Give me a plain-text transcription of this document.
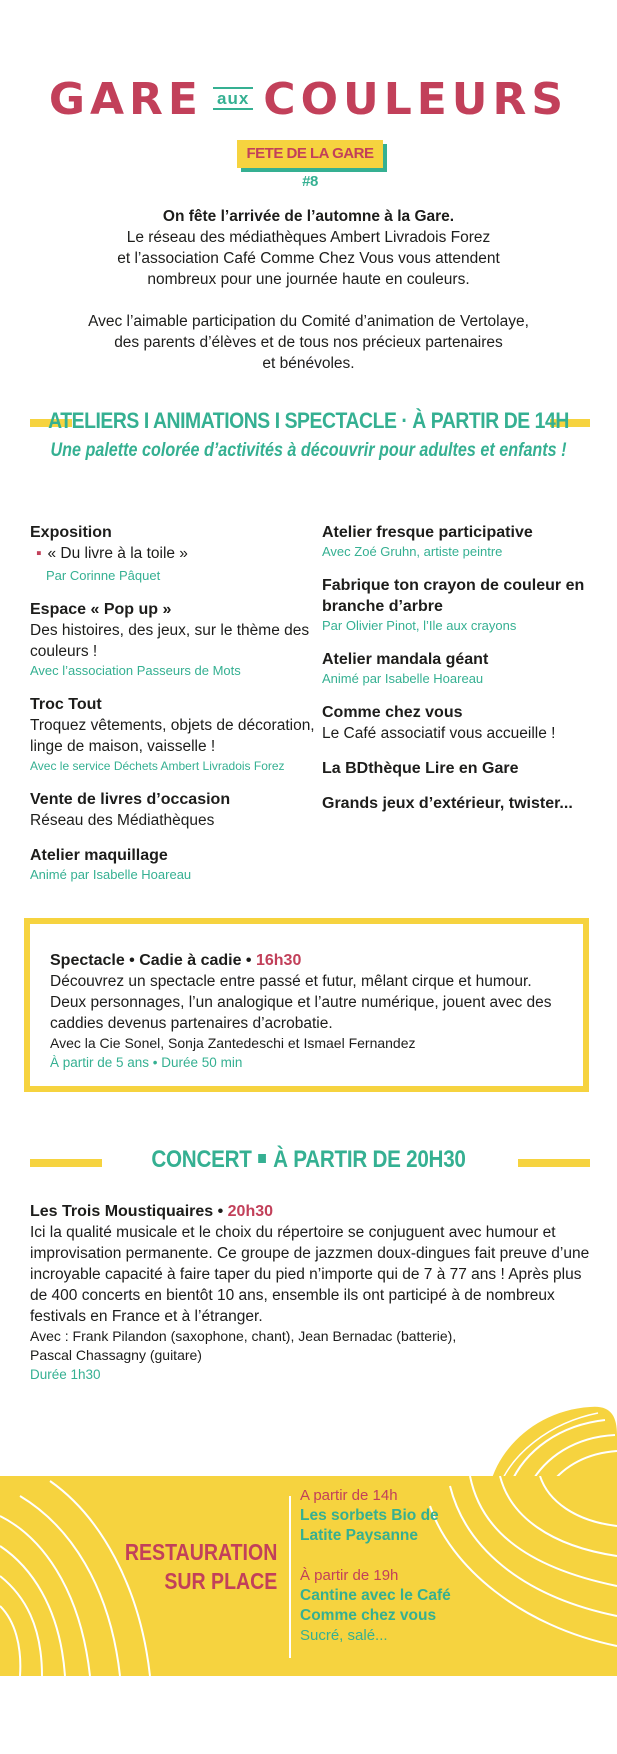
GARE aux COULEURS
FETE DE LA GARE #8

On fête l’arrivée de l’automne à la Gare.

Le réseau des médiathèques Ambert Livradois Forez
et l’association Café Comme Chez Vous vous attendent
nombreux pour une journée haute en couleurs.

Avec l’aimable participation du Comité d’animation de Vertolaye,
des parents d’élèves et de tous nos précieux partenaires
et bénévoles.

ATELIERS I ANIMATIONS I SPECTACLE · À PARTIR DE 14H
Une palette colorée d’activités à découvrir pour adultes et enfants !
Exposition
▪ « Du livre à la toile »
Par Corinne Pâquet
Espace « Pop up »
Des histoires, des jeux, sur le thème des couleurs !
Avec l’association Passeurs de Mots
Troc Tout
Troquez vêtements, objets de décoration, linge de maison, vaisselle !
Avec le service Déchets Ambert Livradois Forez
Vente de livres d’occasion
Réseau des Médiathèques
Atelier maquillage
Animé par Isabelle Hoareau
Atelier fresque participative
Avec Zoé Gruhn, artiste peintre
Fabrique ton crayon de couleur en branche d’arbre
Par Olivier Pinot, l’Ile aux crayons
Atelier mandala géant
Animé par Isabelle Hoareau
Comme chez vous
Le Café associatif vous accueille !
La BDthèque Lire en Gare
Grands jeux d’extérieur, twister...
Spectacle • Cadie à cadie • 16h30
Découvrez un spectacle entre passé et futur, mêlant cirque et humour. Deux personnages, l’un analogique et l’autre numérique, jouent avec des caddies devenus partenaires d’acrobatie.
Avec la Cie Sonel, Sonja Zantedeschi et Ismael Fernandez
À partir de 5 ans • Durée 50 min
CONCERT À PARTIR DE 20H30
Les Trois Moustiquaires • 20h30
Ici la qualité musicale et le choix du répertoire se conjuguent avec humour et improvisation permanente. Ce groupe de jazzmen doux-dingues fait preuve d’une incroyable capacité à faire taper du pied n’importe qui de 7 à 77 ans ! Après plus de 400 concerts en bientôt 10 ans, ensemble ils ont participé à de nombreux festivals en France et à l’étranger.
Avec : Frank Pilandon (saxophone, chant), Jean Bernadac (batterie),
Pascal Chassagny (guitare)
Durée 1h30
RESTAURATION
SUR PLACE
A partir de 14h
Les sorbets Bio de
Latite Paysanne
À partir de 19h
Cantine avec le Café
Comme chez vous
Sucré, salé...
